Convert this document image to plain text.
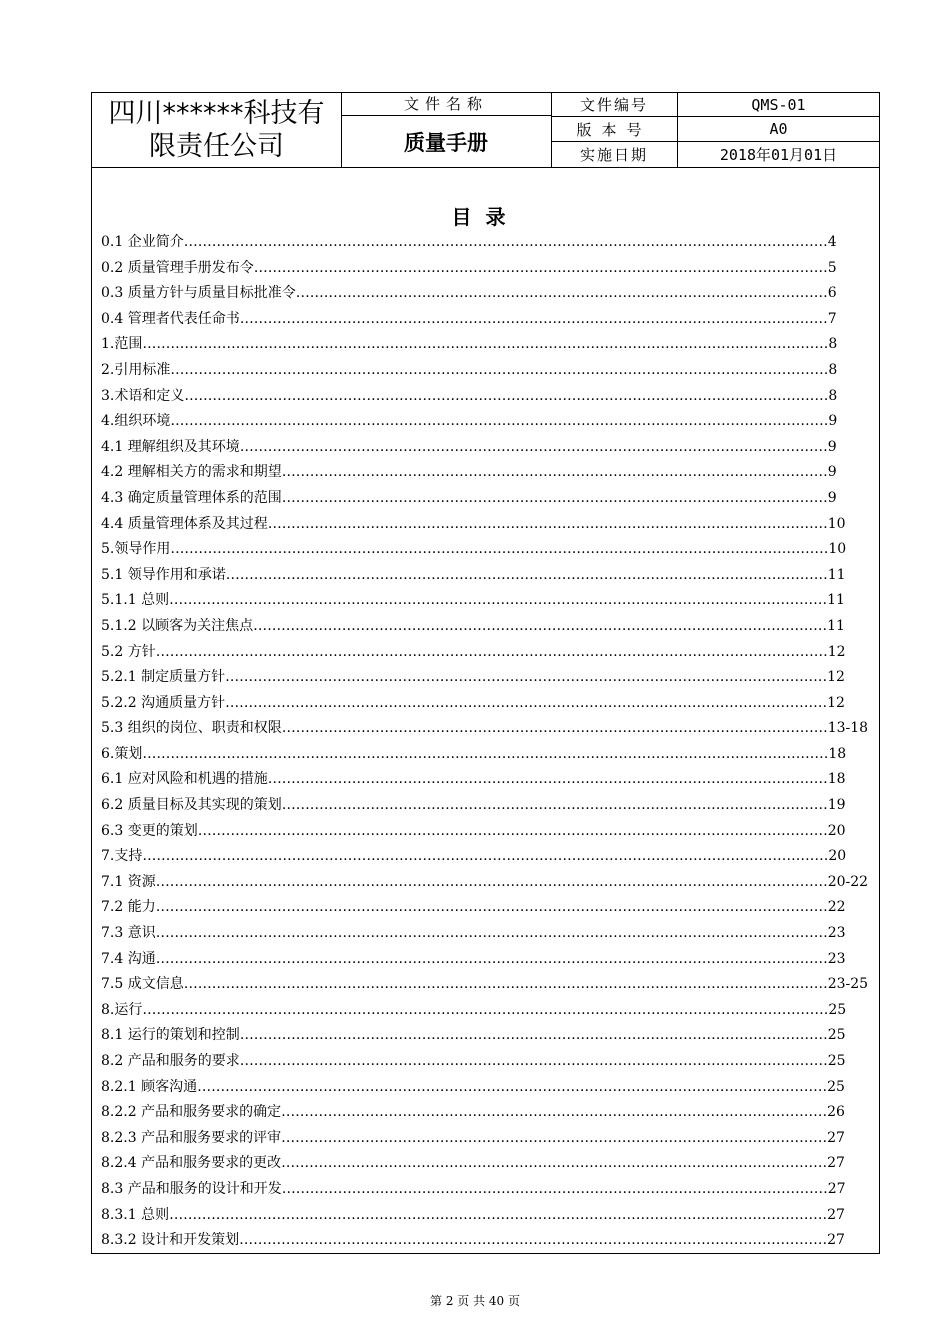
四川******科技有限责任公司
文件名称
质量手册
文件编号	QMS-01
版本号	A0
实施日期	2018年01月01日
目录
0.1 企业简介…………………………………………………………………………………………………………………………4
0.2 质量管理手册发布令……………………………………………………………………………………………………………5
0.3 质量方针与质量目标批准令……………………………………………………………………………………………………6
0.4 管理者代表任命书………………………………………………………………………………………………………………7
1.范围…………………………………………………………………………………………………………………………………8
2.引用标准……………………………………………………………………………………………………………………………8
3.术语和定义…………………………………………………………………………………………………………………………8
4.组织环境……………………………………………………………………………………………………………………………9
4.1 理解组织及其环境………………………………………………………………………………………………………………9
4.2 理解相关方的需求和期望………………………………………………………………………………………………………9
4.3 确定质量管理体系的范围………………………………………………………………………………………………………9
4.4 质量管理体系及其过程…………………………………………………………………………………………………………10
5.领导作用……………………………………………………………………………………………………………………………10
5.1 领导作用和承诺…………………………………………………………………………………………………………………11
5.1.1 总则……………………………………………………………………………………………………………………………11
5.1.2 以顾客为关注焦点……………………………………………………………………………………………………………11
5.2 方针………………………………………………………………………………………………………………………………12
5.2.1 制定质量方针…………………………………………………………………………………………………………………12
5.2.2 沟通质量方针…………………………………………………………………………………………………………………12
5.3 组织的岗位、职责和权限………………………………………………………………………………………………………13-18
6.策划…………………………………………………………………………………………………………………………………18
6.1 应对风险和机遇的措施…………………………………………………………………………………………………………18
6.2 质量目标及其实现的策划………………………………………………………………………………………………………19
6.3 变更的策划………………………………………………………………………………………………………………………20
7.支持…………………………………………………………………………………………………………………………………20
7.1 资源………………………………………………………………………………………………………………………………20-22
7.2 能力………………………………………………………………………………………………………………………………22
7.3 意识………………………………………………………………………………………………………………………………23
7.4 沟通………………………………………………………………………………………………………………………………23
7.5 成文信息…………………………………………………………………………………………………………………………23-25
8.运行…………………………………………………………………………………………………………………………………25
8.1 运行的策划和控制………………………………………………………………………………………………………………25
8.2 产品和服务的要求………………………………………………………………………………………………………………25
8.2.1 顾客沟通………………………………………………………………………………………………………………………25
8.2.2 产品和服务要求的确定………………………………………………………………………………………………………26
8.2.3 产品和服务要求的评审………………………………………………………………………………………………………27
8.2.4 产品和服务要求的更改………………………………………………………………………………………………………27
8.3 产品和服务的设计和开发………………………………………………………………………………………………………27
8.3.1 总则……………………………………………………………………………………………………………………………27
8.3.2 设计和开发策划………………………………………………………………………………………………………………27
第 2 页 共 40 页
